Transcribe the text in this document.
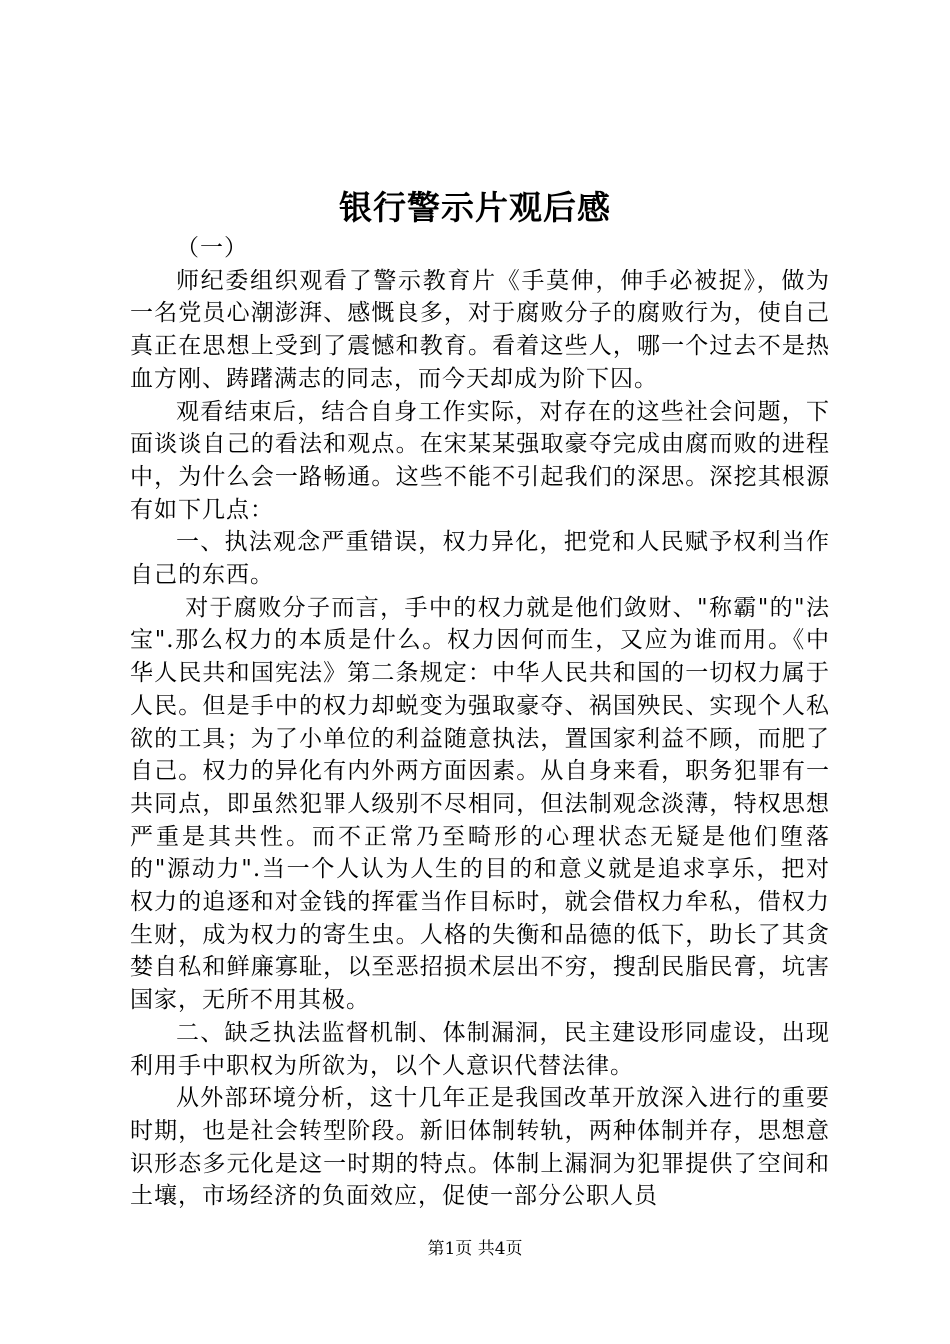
银行警示片观后感

（一）

师纪委组织观看了警示教育片《手莫伸，伸手必被捉》，做为一名党员心潮澎湃、感慨良多，对于腐败分子的腐败行为，使自己真正在思想上受到了震憾和教育。看着这些人，哪一个过去不是热血方刚、踌躇满志的同志，而今天却成为阶下囚。

观看结束后，结合自身工作实际，对存在的这些社会问题，下面谈谈自己的看法和观点。在宋某某强取豪夺完成由腐而败的进程中，为什么会一路畅通。这些不能不引起我们的深思。深挖其根源有如下几点：

一、执法观念严重错误，权力异化，把党和人民赋予权利当作自己的东西。

对于腐败分子而言，手中的权力就是他们敛财、"称霸"的"法宝".那么权力的本质是什么。权力因何而生，又应为谁而用。《中华人民共和国宪法》第二条规定：中华人民共和国的一切权力属于人民。但是手中的权力却蜕变为强取豪夺、祸国殃民、实现个人私欲的工具；为了小单位的利益随意执法，置国家利益不顾，而肥了自己。权力的异化有内外两方面因素。从自身来看，职务犯罪有一共同点，即虽然犯罪人级别不尽相同，但法制观念淡薄，特权思想严重是其共性。而不正常乃至畸形的心理状态无疑是他们堕落的"源动力".当一个人认为人生的目的和意义就是追求享乐，把对权力的追逐和对金钱的挥霍当作目标时，就会借权力牟私，借权力生财，成为权力的寄生虫。人格的失衡和品德的低下，助长了其贪婪自私和鲜廉寡耻，以至恶招损术层出不穷，搜刮民脂民膏，坑害国家，无所不用其极。

二、缺乏执法监督机制、体制漏洞，民主建设形同虚设，出现利用手中职权为所欲为，以个人意识代替法律。

从外部环境分析，这十几年正是我国改革开放深入进行的重要时期，也是社会转型阶段。新旧体制转轨，两种体制并存，思想意识形态多元化是这一时期的特点。体制上漏洞为犯罪提供了空间和土壤，市场经济的负面效应，促使一部分公职人员

第1页 共4页
